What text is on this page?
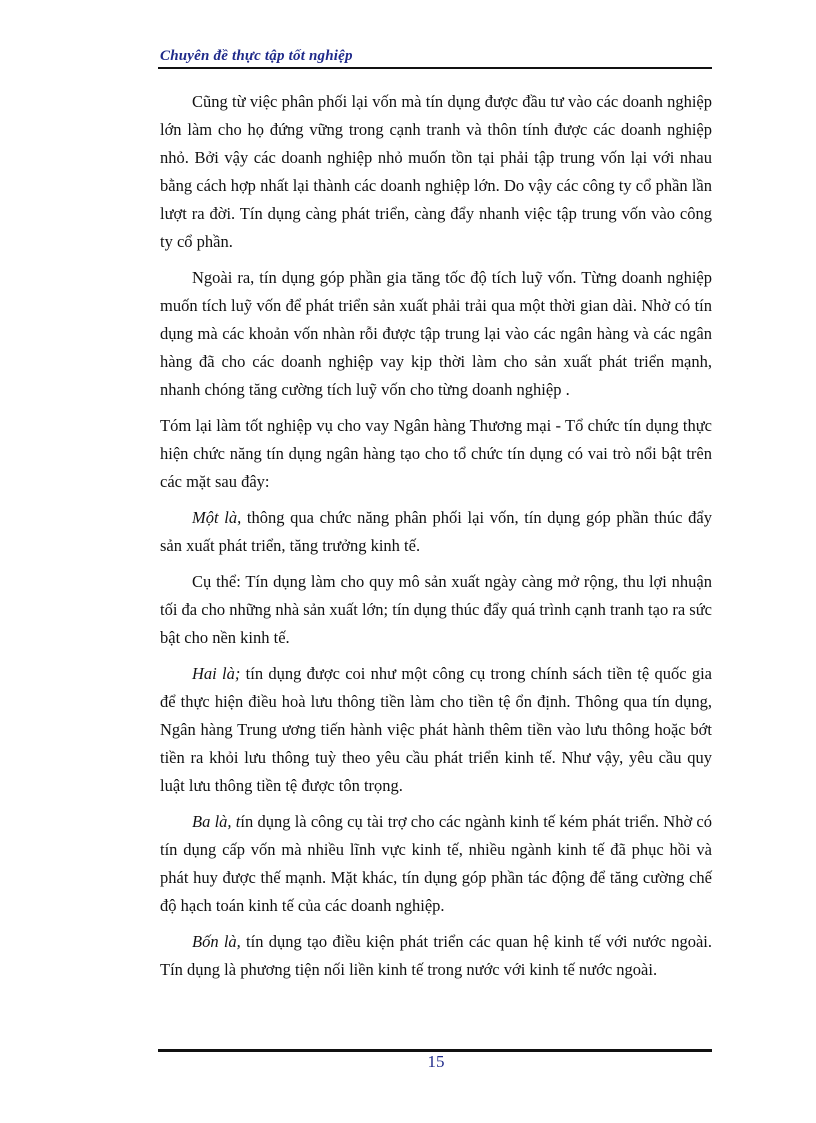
Chuyên đề thực tập tốt nghiệp

Cũng từ việc phân phối lại vốn mà tín dụng được đầu tư vào các doanh nghiệp lớn làm cho họ đứng vững trong cạnh tranh và thôn tính được các doanh nghiệp nhỏ. Bởi vậy các doanh nghiệp nhỏ muốn tồn tại phải tập trung vốn lại với nhau bằng cách hợp nhất lại thành các doanh nghiệp lớn. Do vậy các công ty cổ phần lần lượt ra đời. Tín dụng càng phát triển, càng đẩy nhanh việc tập trung vốn vào công ty cổ phần.

Ngoài ra, tín dụng góp phần gia tăng tốc độ tích luỹ vốn. Từng doanh nghiệp muốn tích luỹ vốn để phát triển sản xuất phải trải qua một thời gian dài. Nhờ có tín dụng mà các khoản vốn nhàn rỗi được tập trung lại vào các ngân hàng và các ngân hàng đã cho các doanh nghiệp vay kịp thời làm cho sản xuất phát triển mạnh, nhanh chóng tăng cường tích luỹ vốn cho từng doanh nghiệp .

Tóm lại làm tốt nghiệp vụ cho vay Ngân hàng Thương mại - Tổ chức tín dụng thực hiện chức năng tín dụng ngân hàng tạo cho tổ chức tín dụng có vai trò nổi bật trên các mặt sau đây:

Một là, thông qua chức năng phân phối lại vốn, tín dụng góp phần thúc đẩy sản xuất phát triển, tăng trưởng kinh tế.

Cụ thể: Tín dụng làm cho quy mô sản xuất ngày càng mở rộng, thu lợi nhuận tối đa cho những nhà sản xuất lớn; tín dụng thúc đẩy quá trình cạnh tranh tạo ra sức bật cho nền kinh tế.

Hai là; tín dụng được coi như một công cụ trong chính sách tiền tệ quốc gia để thực hiện điều hoà lưu thông tiền làm cho tiền tệ ổn định. Thông qua tín dụng, Ngân hàng Trung ương tiến hành việc phát hành thêm tiền vào lưu thông hoặc bớt tiền ra khỏi lưu thông tuỳ theo yêu cầu phát triển kinh tế. Như vậy, yêu cầu quy luật lưu thông tiền tệ được tôn trọng.

Ba là, tín dụng là công cụ tài trợ cho các ngành kinh tế kém phát triển. Nhờ có tín dụng cấp vốn mà nhiều lĩnh vực kinh tế, nhiều ngành kinh tế đã phục hồi và phát huy được thế mạnh. Mặt khác, tín dụng góp phần tác động để tăng cường chế độ hạch toán kinh tế của các doanh nghiệp.

Bốn là, tín dụng tạo điều kiện phát triển các quan hệ kinh tế với nước ngoài. Tín dụng là phương tiện nối liền kinh tế trong nước với kinh tế nước ngoài.

15
